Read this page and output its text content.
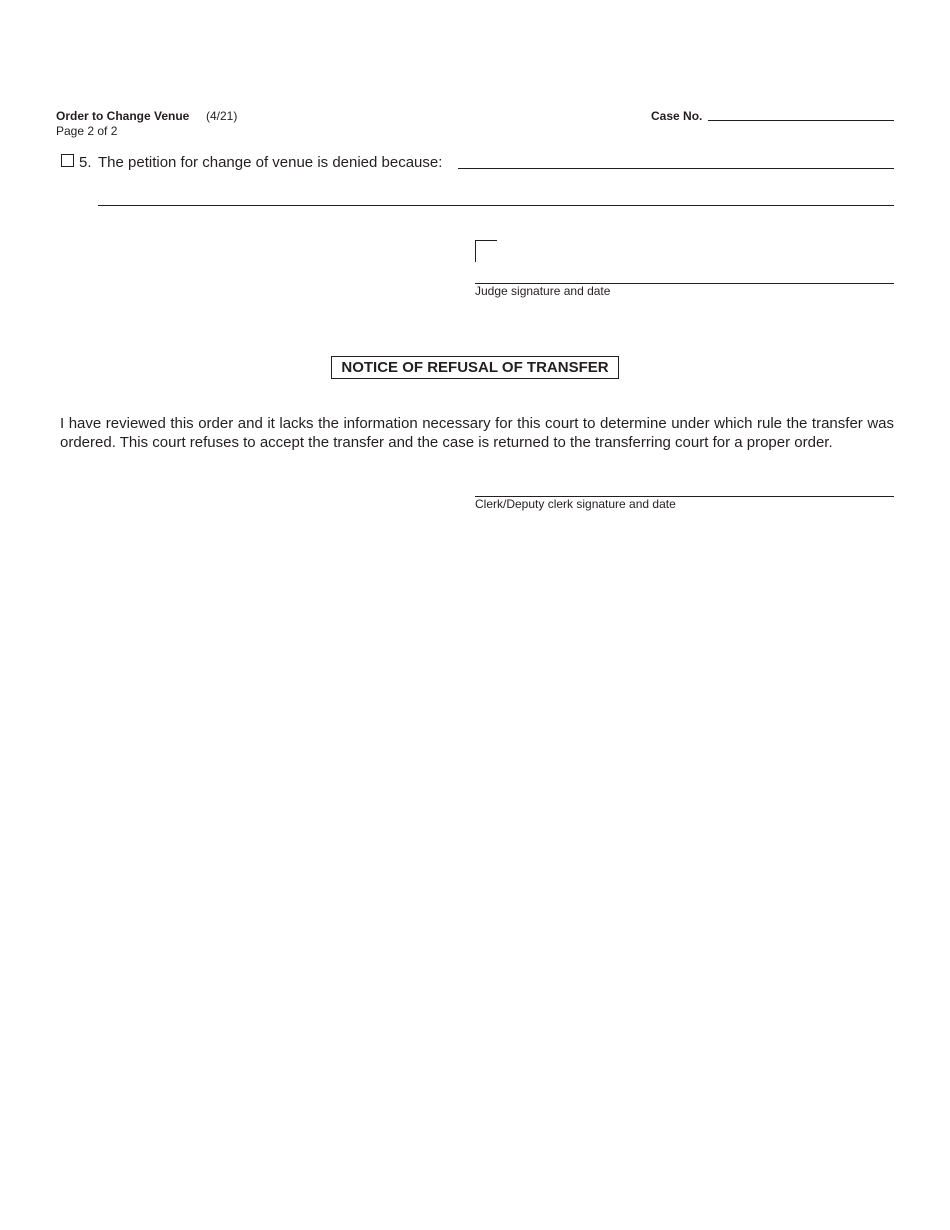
Order to Change Venue (4/21)
Page 2 of 2
Case No.
5. The petition for change of venue is denied because:
Judge signature and date
NOTICE OF REFUSAL OF TRANSFER
I have reviewed this order and it lacks the information necessary for this court to determine under which rule the transfer was ordered. This court refuses to accept the transfer and the case is returned to the transferring court for a proper order.
Clerk/Deputy clerk signature and date
